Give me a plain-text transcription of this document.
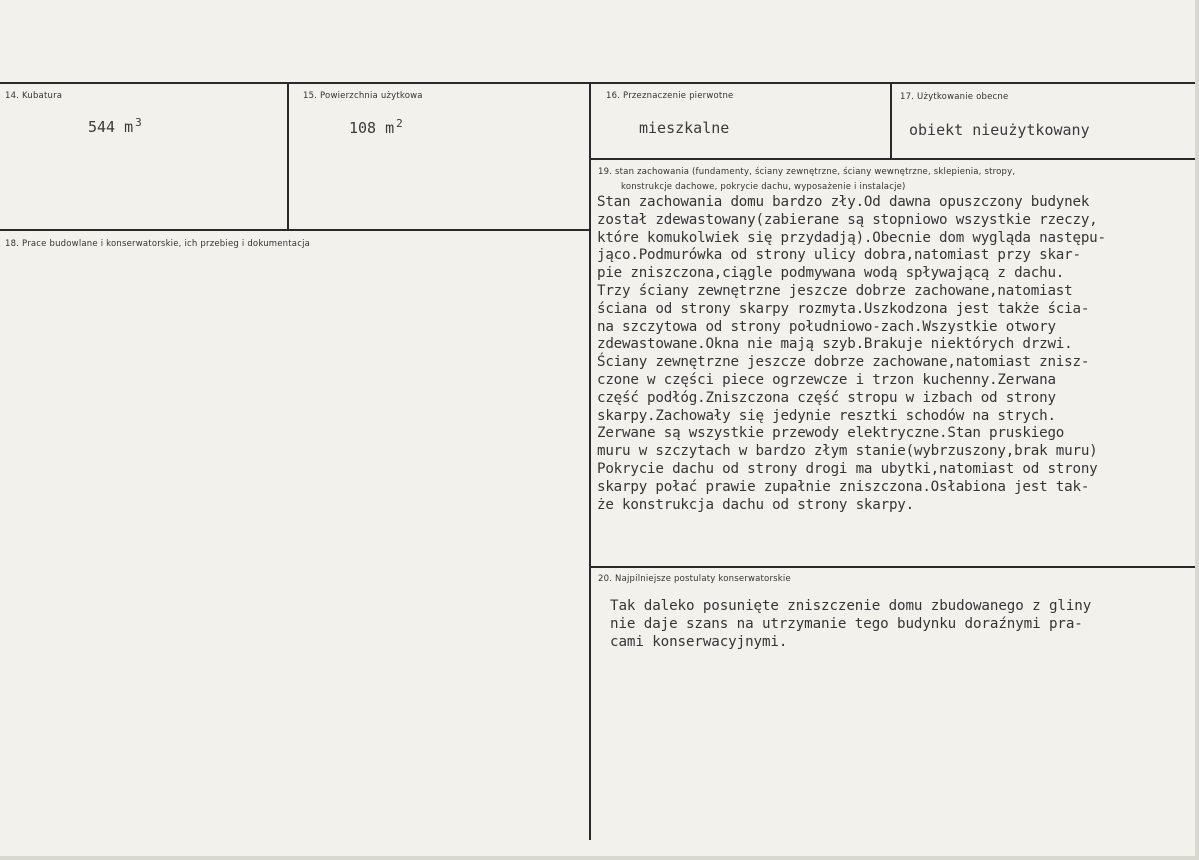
14. Kubatura
544 m $^3$
15. Powierzchnia użytkowa
108 m $^2$
16. Przeznaczenie pierwotne
mieszkalne
17. Użytkowanie obecne
obiekt nieużytkowany
18. Prace budowlane i konserwatorskie, ich przebieg i dokumentacja
19. stan zachowania (fundamenty, ściany zewnętrzne, ściany wewnętrzne, sklepienia, stropy,
konstrukcje dachowe, pokrycie dachu, wyposażenie i instalacje)
Stan zachowania domu bardzo zły.Od dawna opuszczony budynek
został zdewastowany(zabierane są stopniowo wszystkie rzeczy,
które komukolwiek się przydadją).Obecnie dom wygląda następu-
jąco.Podmurówka od strony ulicy dobra,natomiast przy skar-
pie zniszczona,ciągle podmywana wodą spływającą z dachu.
Trzy ściany zewnętrzne jeszcze dobrze zachowane,natomiast
ściana od strony skarpy rozmyta.Uszkodzona jest także ścia-
na szczytowa od strony południowo-zach.Wszystkie otwory
zdewastowane.Okna nie mają szyb.Brakuje niektórych drzwi.
Ściany zewnętrzne jeszcze dobrze zachowane,natomiast znisz-
czone w części piece ogrzewcze i trzon kuchenny.Zerwana
część podłóg.Zniszczona część stropu w izbach od strony
skarpy.Zachowały się jedynie resztki schodów na strych.
Zerwane są wszystkie przewody elektryczne.Stan pruskiego
muru w szczytach w bardzo złym stanie(wybrzuszony,brak muru)
Pokrycie dachu od strony drogi ma ubytki,natomiast od strony
skarpy połać prawie zupałnie zniszczona.Osłabiona jest tak-
że konstrukcja dachu od strony skarpy.
20. Najpilniejsze postulaty konserwatorskie
Tak daleko posunięte zniszczenie domu zbudowanego z gliny
nie daje szans na utrzymanie tego budynku doraźnymi pra-
cami konserwacyjnymi.
